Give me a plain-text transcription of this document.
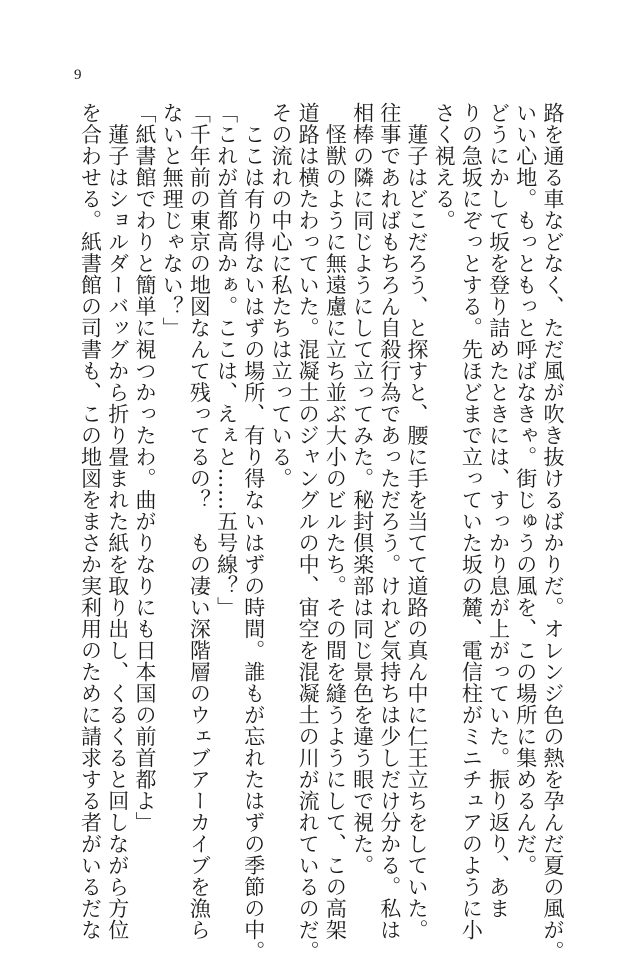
9
路を通る車などなく、ただ風が吹き抜けるばかりだ。オレンジ色の熱を孕んだ夏の風が。
いい心地。もっともっと呼ばなきゃ。街じゅうの風を、この場所に集めるんだ。
どうにかして坂を登り詰めたときには、すっかり息が上がっていた。振り返り、あま
りの急坂にぞっとする。先ほどまで立っていた坂の麓、電信柱がミニチュアのように小
さく視える。
　蓮子はどこだろう、と探すと、腰に手を当てて道路の真ん中に仁王立ちをしていた。
往事であればもちろん自殺行為であっただろう。けれど気持ちは少しだけ分かる。私は
相棒の隣に同じようにして立ってみた。秘封倶楽部は同じ景色を違う眼で視た。
　怪獣のように無遠慮に立ち並ぶ大小のビルたち。その間を縫うようにして、この高架
道路は横たわっていた。混凝土のジャングルの中、宙空を混凝土の川が流れているのだ。
その流れの中心に私たちは立っている。
　ここは有り得ないはずの場所、有り得ないはずの時間。誰もが忘れたはずの季節の中。
「これが首都高かぁ。ここは、えぇと……五号線？」
「千年前の東京の地図なんて残ってるの？　もの凄い深階層のウェブアーカイブを漁ら
ないと無理じゃない？」
「紙書館でわりと簡単に視つかったわ。曲がりなりにも日本国の前首都よ」
　蓮子はショルダーバッグから折り畳まれた紙を取り出し、くるくると回しながら方位
を合わせる。紙書館の司書も、この地図をまさか実利用のために請求する者がいるだな
